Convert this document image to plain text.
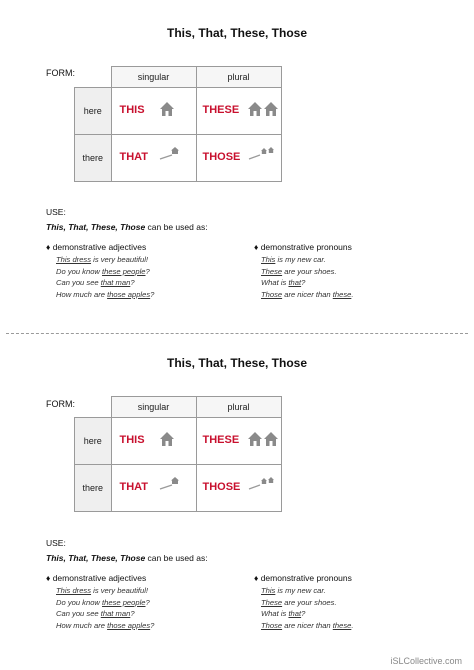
This, That, These, Those
FORM:
		singular	plural
here	THIS	THESE

there	THAT	THOSE
USE:
This, That, These, Those can be used as:
♦ demonstrative adjectives
This dress is very beautiful!
Do you know these people?
Can you see that man?
How much are those apples?
♦ demonstrative pronouns
This is my new car.
These are your shoes.
What is that?
Those are nicer than these.
This, That, These, Those
FORM:
		singular	plural
here	THIS	THESE

there	THAT	THOSE
USE:
This, That, These, Those can be used as:
♦ demonstrative adjectives
This dress is very beautiful!
Do you know these people?
Can you see that man?
How much are those apples?
♦ demonstrative pronouns
This is my new car.
These are your shoes.
What is that?
Those are nicer than these.
iSLCollective.com
